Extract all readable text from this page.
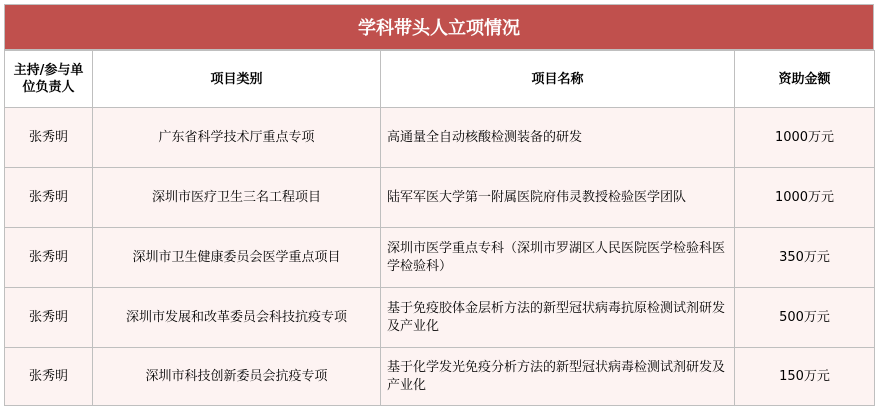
学科带头人立项情况
主持/参与单位负责人	项目类别	项目名称	资助金额
张秀明	广东省科学技术厅重点专项	高通量全自动核酸检测装备的研发	1000万元
张秀明	深圳市医疗卫生三名工程项目	陆军军医大学第一附属医院府伟灵教授检验医学团队	1000万元
张秀明	深圳市卫生健康委员会医学重点项目	深圳市医学重点专科（深圳市罗湖区人民医院医学检验科医学检验科）	350万元
张秀明	深圳市发展和改革委员会科技抗疫专项	基于免疫胶体金层析方法的新型冠状病毒抗原检测试剂研发及产业化	500万元
张秀明	深圳市科技创新委员会抗疫专项	基于化学发光免疫分析方法的新型冠状病毒检测试剂研发及产业化	150万元
